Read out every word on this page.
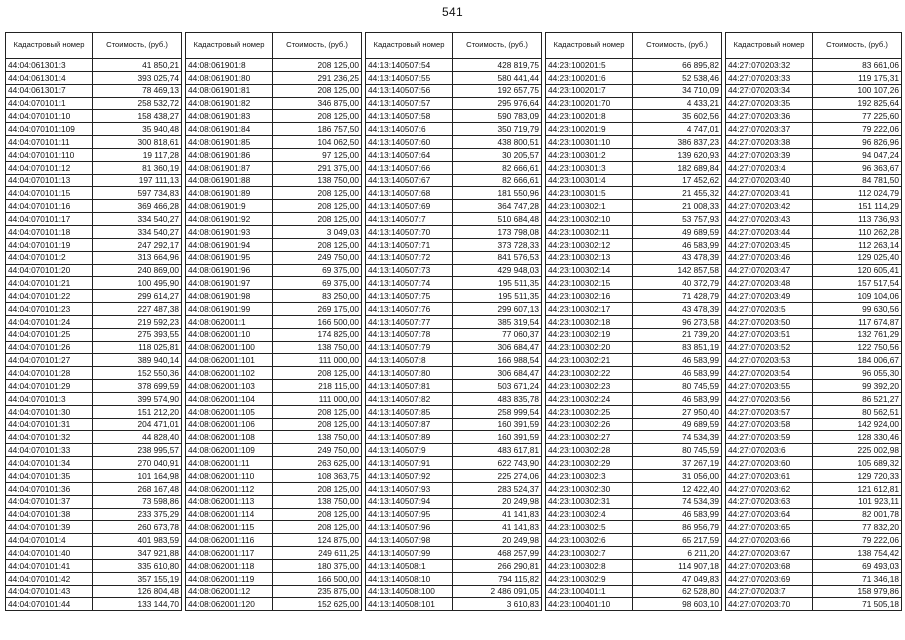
541
Кадастровый номер	Стоимость, (руб.)
44:04:061301:3	41 850,21
44:04:061301:4	393 025,74
44:04:061301:7	78 469,13
44:04:070101:1	258 532,72
44:04:070101:10	158 438,27
44:04:070101:109	35 940,48
44:04:070101:11	300 818,61
44:04:070101:110	19 117,28
44:04:070101:12	81 360,19
44:04:070101:13	197 111,13
44:04:070101:15	597 734,83
44:04:070101:16	369 466,28
44:04:070101:17	334 540,27
44:04:070101:18	334 540,27
44:04:070101:19	247 292,17
44:04:070101:2	313 664,96
44:04:070101:20	240 869,00
44:04:070101:21	100 495,90
44:04:070101:22	299 614,27
44:04:070101:23	227 487,38
44:04:070101:24	219 592,23
44:04:070101:25	275 393,55
44:04:070101:26	118 025,81
44:04:070101:27	389 940,14
44:04:070101:28	152 550,36
44:04:070101:29	378 699,59
44:04:070101:3	399 574,90
44:04:070101:30	151 212,20
44:04:070101:31	204 471,01
44:04:070101:32	44 828,40
44:04:070101:33	238 995,57
44:04:070101:34	270 040,91
44:04:070101:35	101 164,98
44:04:070101:36	268 167,48
44:04:070101:37	73 598,86
44:04:070101:38	233 375,29
44:04:070101:39	260 673,78
44:04:070101:4	401 983,59
44:04:070101:40	347 921,88
44:04:070101:41	335 610,80
44:04:070101:42	357 155,19
44:04:070101:43	126 804,48
44:04:070101:44	133 144,70
Кадастровый номер	Стоимость, (руб.)
44:08:061901:8	208 125,00
44:08:061901:80	291 236,25
44:08:061901:81	208 125,00
44:08:061901:82	346 875,00
44:08:061901:83	208 125,00
44:08:061901:84	186 757,50
44:08:061901:85	104 062,50
44:08:061901:86	97 125,00
44:08:061901:87	291 375,00
44:08:061901:88	138 750,00
44:08:061901:89	208 125,00
44:08:061901:9	208 125,00
44:08:061901:92	208 125,00
44:08:061901:93	3 049,03
44:08:061901:94	208 125,00
44:08:061901:95	249 750,00
44:08:061901:96	69 375,00
44:08:061901:97	69 375,00
44:08:061901:98	83 250,00
44:08:061901:99	269 175,00
44:08:062001:1	166 500,00
44:08:062001:10	174 825,00
44:08:062001:100	138 750,00
44:08:062001:101	111 000,00
44:08:062001:102	208 125,00
44:08:062001:103	218 115,00
44:08:062001:104	111 000,00
44:08:062001:105	208 125,00
44:08:062001:106	208 125,00
44:08:062001:108	138 750,00
44:08:062001:109	249 750,00
44:08:062001:11	263 625,00
44:08:062001:110	108 363,75
44:08:062001:112	208 125,00
44:08:062001:113	138 750,00
44:08:062001:114	208 125,00
44:08:062001:115	208 125,00
44:08:062001:116	124 875,00
44:08:062001:117	249 611,25
44:08:062001:118	180 375,00
44:08:062001:119	166 500,00
44:08:062001:12	235 875,00
44:08:062001:120	152 625,00
Кадастровый номер	Стоимость, (руб.)
44:13:140507:54	428 819,75
44:13:140507:55	580 441,44
44:13:140507:56	192 657,75
44:13:140507:57	295 976,64
44:13:140507:58	590 783,09
44:13:140507:6	350 719,79
44:13:140507:60	438 800,51
44:13:140507:64	30 205,57
44:13:140507:66	82 666,61
44:13:140507:67	82 666,61
44:13:140507:68	181 550,96
44:13:140507:69	364 747,28
44:13:140507:7	510 684,48
44:13:140507:70	173 798,08
44:13:140507:71	373 728,33
44:13:140507:72	841 576,53
44:13:140507:73	429 948,03
44:13:140507:74	195 511,35
44:13:140507:75	195 511,35
44:13:140507:76	299 607,13
44:13:140507:77	385 319,54
44:13:140507:78	77 060,37
44:13:140507:79	306 684,47
44:13:140507:8	166 988,54
44:13:140507:80	306 684,47
44:13:140507:81	503 671,24
44:13:140507:82	483 835,78
44:13:140507:85	258 999,54
44:13:140507:87	160 391,59
44:13:140507:89	160 391,59
44:13:140507:9	483 617,81
44:13:140507:91	622 743,90
44:13:140507:92	225 274,06
44:13:140507:93	283 524,37
44:13:140507:94	20 249,98
44:13:140507:95	41 141,83
44:13:140507:96	41 141,83
44:13:140507:98	20 249,98
44:13:140507:99	468 257,99
44:13:140508:1	266 290,81
44:13:140508:10	794 115,82
44:13:140508:100	2 486 091,05
44:13:140508:101	3 610,83
Кадастровый номер	Стоимость, (руб.)
44:23:100201:5	66 895,82
44:23:100201:6	52 538,46
44:23:100201:7	34 710,09
44:23:100201:70	4 433,21
44:23:100201:8	35 602,56
44:23:100201:9	4 747,01
44:23:100301:10	386 837,23
44:23:100301:2	139 620,93
44:23:100301:3	182 689,84
44:23:100301:4	17 452,62
44:23:100301:5	21 455,32
44:23:100302:1	21 008,33
44:23:100302:10	53 757,93
44:23:100302:11	49 689,59
44:23:100302:12	46 583,99
44:23:100302:13	43 478,39
44:23:100302:14	142 857,58
44:23:100302:15	40 372,79
44:23:100302:16	71 428,79
44:23:100302:17	43 478,39
44:23:100302:18	96 273,58
44:23:100302:19	21 739,20
44:23:100302:20	83 851,19
44:23:100302:21	46 583,99
44:23:100302:22	46 583,99
44:23:100302:23	80 745,59
44:23:100302:24	46 583,99
44:23:100302:25	27 950,40
44:23:100302:26	49 689,59
44:23:100302:27	74 534,39
44:23:100302:28	80 745,59
44:23:100302:29	37 267,19
44:23:100302:3	31 056,00
44:23:100302:30	12 422,40
44:23:100302:31	74 534,39
44:23:100302:4	46 583,99
44:23:100302:5	86 956,79
44:23:100302:6	65 217,59
44:23:100302:7	6 211,20
44:23:100302:8	114 907,18
44:23:100302:9	47 049,83
44:23:100401:1	62 528,80
44:23:100401:10	98 603,10
Кадастровый номер	Стоимость, (руб.)
44:27:070203:32	83 661,06
44:27:070203:33	119 175,31
44:27:070203:34	100 107,26
44:27:070203:35	192 825,64
44:27:070203:36	77 225,60
44:27:070203:37	79 222,06
44:27:070203:38	96 826,96
44:27:070203:39	94 047,24
44:27:070203:4	96 363,67
44:27:070203:40	84 781,50
44:27:070203:41	112 024,79
44:27:070203:42	151 114,29
44:27:070203:43	113 736,93
44:27:070203:44	110 262,28
44:27:070203:45	112 263,14
44:27:070203:46	129 025,40
44:27:070203:47	120 605,41
44:27:070203:48	157 517,54
44:27:070203:49	109 104,06
44:27:070203:5	99 630,56
44:27:070203:50	117 674,87
44:27:070203:51	132 761,29
44:27:070203:52	122 750,56
44:27:070203:53	184 006,67
44:27:070203:54	96 055,30
44:27:070203:55	99 392,20
44:27:070203:56	86 521,27
44:27:070203:57	80 562,51
44:27:070203:58	142 924,00
44:27:070203:59	128 330,46
44:27:070203:6	225 002,98
44:27:070203:60	105 689,32
44:27:070203:61	129 720,33
44:27:070203:62	121 612,81
44:27:070203:63	101 923,11
44:27:070203:64	82 001,78
44:27:070203:65	77 832,20
44:27:070203:66	79 222,06
44:27:070203:67	138 754,42
44:27:070203:68	69 493,03
44:27:070203:69	71 346,18
44:27:070203:7	158 979,86
44:27:070203:70	71 505,18
